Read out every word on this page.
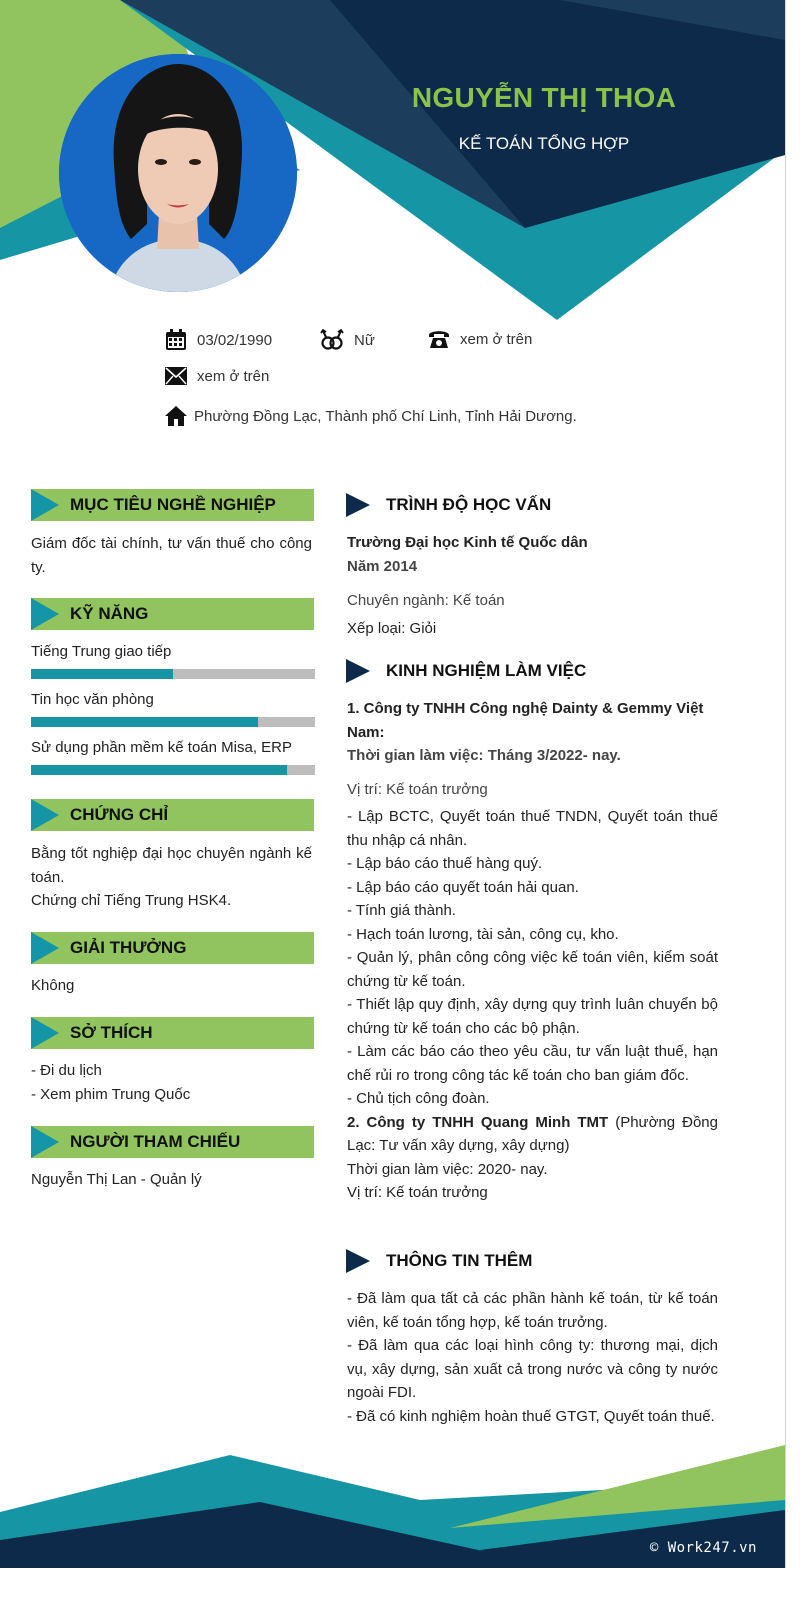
NGUYỄN THỊ THOA
KẾ TOÁN TỔNG HỢP
03/02/1990	Nữ	xem ở trên
xem ở trên
Phường Đồng Lạc, Thành phố Chí Linh, Tỉnh Hải Dương.
MỤC TIÊU NGHỀ NGHIỆP
Giám đốc tài chính, tư vấn thuế cho công ty.
KỸ NĂNG
Tiếng Trung giao tiếp
Tin học văn phòng
Sử dụng phần mềm kế toán Misa, ERP
CHỨNG CHỈ
Bằng tốt nghiệp đại học chuyên ngành kế toán.
Chứng chỉ Tiếng Trung HSK4.
GIẢI THƯỞNG
Không
SỞ THÍCH
- Đi du lịch
- Xem phim Trung Quốc
NGƯỜI THAM CHIẾU
Nguyễn Thị Lan - Quản lý
TRÌNH ĐỘ HỌC VẤN
Trường Đại học Kinh tế Quốc dân
Năm 2014
Chuyên ngành: Kế toán
Xếp loại: Giỏi
KINH NGHIỆM LÀM VIỆC
1. Công ty TNHH Công nghệ Dainty & Gemmy Việt Nam:
Thời gian làm việc: Tháng 3/2022- nay.
Vị trí: Kế toán trưởng
- Lập BCTC, Quyết toán thuế TNDN, Quyết toán thuế thu nhập cá nhân.
- Lập báo cáo thuế hàng quý.
- Lập báo cáo quyết toán hải quan.
- Tính giá thành.
- Hạch toán lương, tài sản, công cụ, kho.
- Quản lý, phân công công việc kế toán viên, kiểm soát chứng từ kế toán.
- Thiết lập quy định, xây dựng quy trình luân chuyển bộ chứng từ kế toán cho các bộ phận.
- Làm các báo cáo theo yêu cầu, tư vấn luật thuế, hạn chế rủi ro trong công tác kế toán cho ban giám đốc.
- Chủ tịch công đoàn.
2. Công ty TNHH Quang Minh TMT (Phường Đồng Lạc: Tư vấn xây dựng, xây dựng)
Thời gian làm việc: 2020- nay.
Vị trí: Kế toán trưởng
THÔNG TIN THÊM
- Đã làm qua tất cả các phần hành kế toán, từ kế toán viên, kế toán tổng hợp, kế toán trưởng.
- Đã làm qua các loại hình công ty: thương mại, dịch vụ, xây dựng, sản xuất cả trong nước và công ty nước ngoài FDI.
- Đã có kinh nghiệm hoàn thuế GTGT, Quyết toán thuế.
© Work247.vn
